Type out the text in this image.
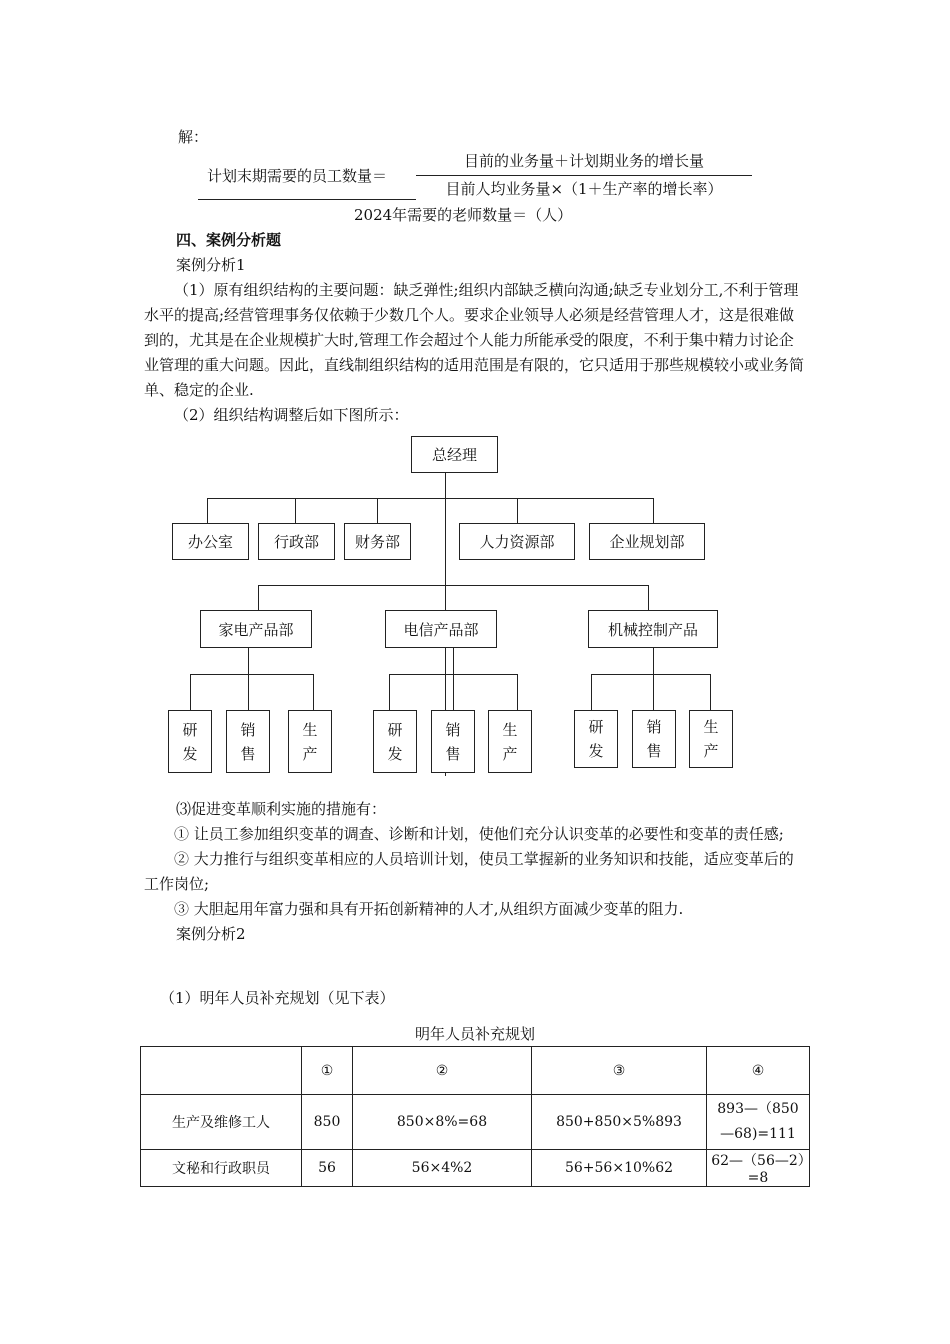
解：
计划末期需要的员工数量＝
目前的业务量＋计划期业务的增长量
目前人均业务量×（1＋生产率的增长率）
2024年需要的老师数量＝（人）

四、案例分析题

案例分析1

（1）原有组织结构的主要问题：缺乏弹性;组织内部缺乏横向沟通;缺乏专业划分工,不利于管理水平的提高;经营管理事务仅依赖于少数几个人。要求企业领导人必须是经营管理人才，这是很难做到的，尤其是在企业规模扩大时,管理工作会超过个人能力所能承受的限度，不利于集中精力讨论企业管理的重大问题。因此，直线制组织结构的适用范围是有限的，它只适用于那些规模较小或业务简单、稳定的企业.

（2）组织结构调整后如下图所示：

总经理
办公室	行政部	财务部	人力资源部	企业规划部
家电产品部	电信产品部	机械控制产品
研
发
销
售
生
产
研
发
销
售
生
产
研
发
销
售
生
产

⑶促进变革顺利实施的措施有：

① 让员工参加组织变革的调查、诊断和计划，使他们充分认识变革的必要性和变革的责任感;

② 大力推行与组织变革相应的人员培训计划，使员工掌握新的业务知识和技能，适应变革后的工作岗位;

③ 大胆起用年富力强和具有开拓创新精神的人才,从组织方面减少变革的阻力.

案例分析2

（1）明年人员补充规划（见下表）
明年人员补充规划
	①	②	③	④
生产及维修工人	850	850×8%=68	850+850×5%893	893—（850—68)=111
文秘和行政职员	56	56×4%2	56+56×10%62	62—（56—2）=8
